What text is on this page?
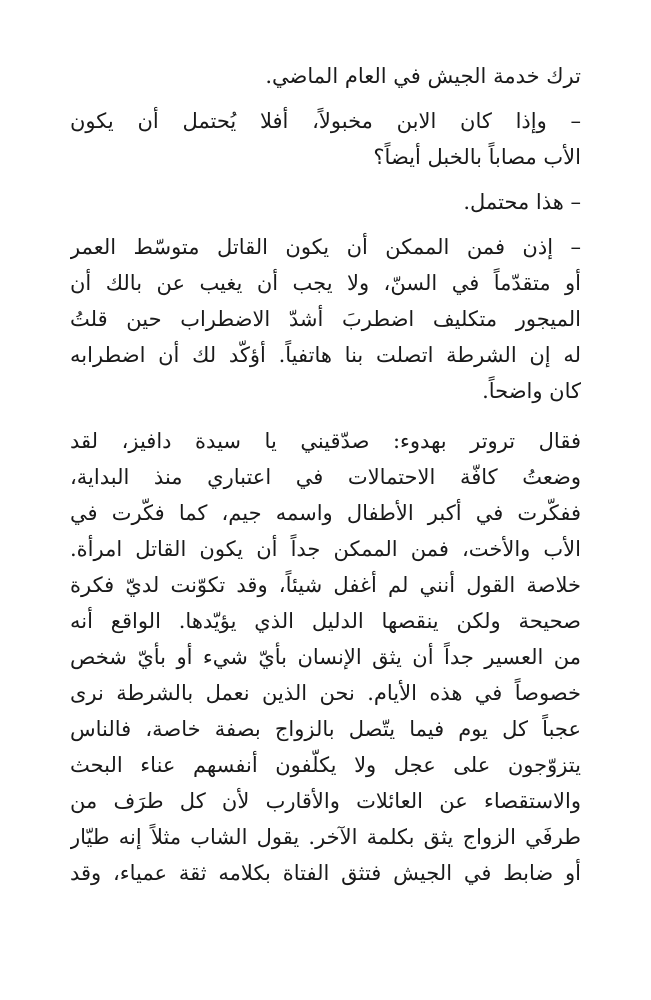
ترك خدمة الجيش في العام الماضي.
– وإذا كان الابن مخبولاً، أفلا يُحتمل أن يكون
الأب مصاباً بالخبل أيضاً؟
– هذا محتمل.
– إذن فمن الممكن أن يكون القاتل متوسّط العمر
أو متقدّماً في السنّ، ولا يجب أن يغيب عن بالك أن
الميجور متكليف اضطربَ أشدّ الاضطراب حين قلتُ
له إن الشرطة اتصلت بنا هاتفياً. أؤكّد لك أن اضطرابه
كان واضحاً.
فقال تروتر بهدوء: صدّقيني يا سيدة دافيز، لقد
وضعتُ كافّة الاحتمالات في اعتباري منذ البداية،
ففكّرت في أكبر الأطفال واسمه جيم، كما فكّرت في
الأب والأخت، فمن الممكن جداً أن يكون القاتل امرأة.
خلاصة القول أنني لم أغفل شيئاً، وقد تكوّنت لديّ فكرة
صحيحة ولكن ينقصها الدليل الذي يؤيّدها. الواقع أنه
من العسير جداً أن يثق الإنسان بأيّ شيء أو بأيّ شخص
خصوصاً في هذه الأيام. نحن الذين نعمل بالشرطة نرى
عجباً كل يوم فيما يتّصل بالزواج بصفة خاصة، فالناس
يتزوّجون على عجل ولا يكلّفون أنفسهم عناء البحث
والاستقصاء عن العائلات والأقارب لأن كل طرَف من
طرفَي الزواج يثق بكلمة الآخر. يقول الشاب مثلاً إنه طيّار
أو ضابط في الجيش فتثق الفتاة بكلامه ثقة عمياء، وقد
